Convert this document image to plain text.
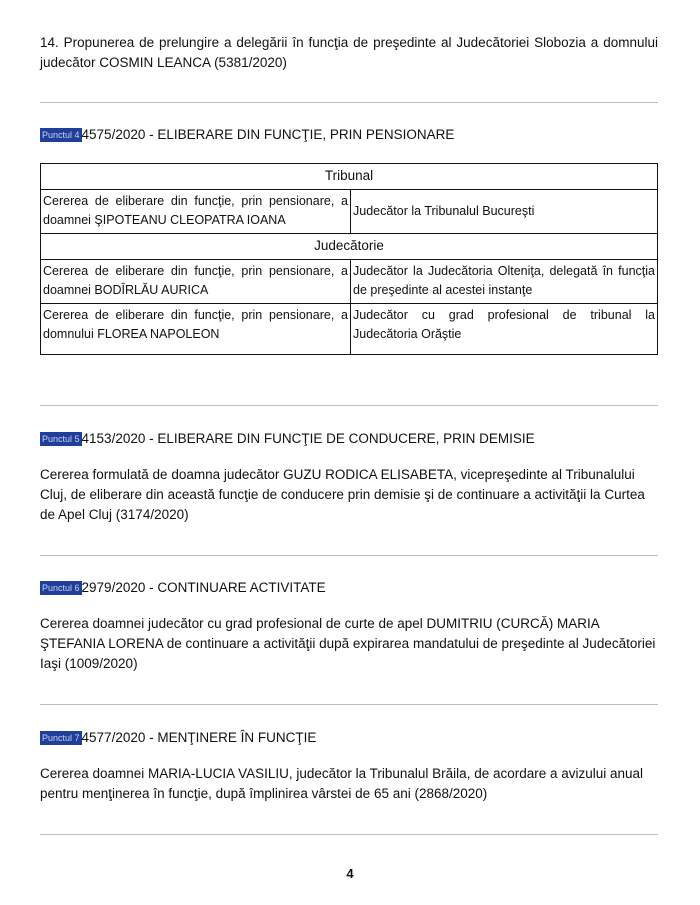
14. Propunerea de prelungire a delegării în funcţia de preşedinte al Judecătoriei Slobozia a domnului judecător COSMIN LEANCA (5381/2020)
Punctul 4 4575/2020 - ELIBERARE DIN FUNCŢIE, PRIN PENSIONARE
Tribunal	
Cererea de eliberare din funcţie, prin pensionare, a doamnei ŞIPOTEANU CLEOPATRA IOANA	Judecător la Tribunalul Bucureşti
Judecătorie	
Cererea de eliberare din funcţie, prin pensionare, a doamnei BODÎRLĂU AURICA	Judecător la Judecătoria Olteniţa, delegată în funcţia de preşedinte al acestei instanţe
Cererea de eliberare din funcţie, prin pensionare, a domnului FLOREA NAPOLEON	Judecător cu grad profesional de tribunal la Judecătoria Orăştie
Punctul 5 4153/2020 - ELIBERARE DIN FUNCŢIE DE CONDUCERE, PRIN DEMISIE
Cererea formulată de doamna judecător GUZU RODICA ELISABETA, vicepreşedinte al Tribunalului Cluj, de eliberare din această funcţie de conducere prin demisie şi de continuare a activităţii la Curtea de Apel Cluj (3174/2020)
Punctul 6 2979/2020 - CONTINUARE ACTIVITATE
Cererea doamnei judecător cu grad profesional de curte de apel DUMITRIU (CURCĂ) MARIA ŞTEFANIA LORENA de continuare a activităţii după expirarea mandatului de preşedinte al Judecătoriei Iaşi (1009/2020)
Punctul 7 4577/2020 - MENŢINERE ÎN FUNCŢIE
Cererea doamnei MARIA-LUCIA VASILIU, judecător la Tribunalul Brăila, de acordare a avizului anual pentru menţinerea în funcţie, după împlinirea vârstei de 65 ani (2868/2020)
4
